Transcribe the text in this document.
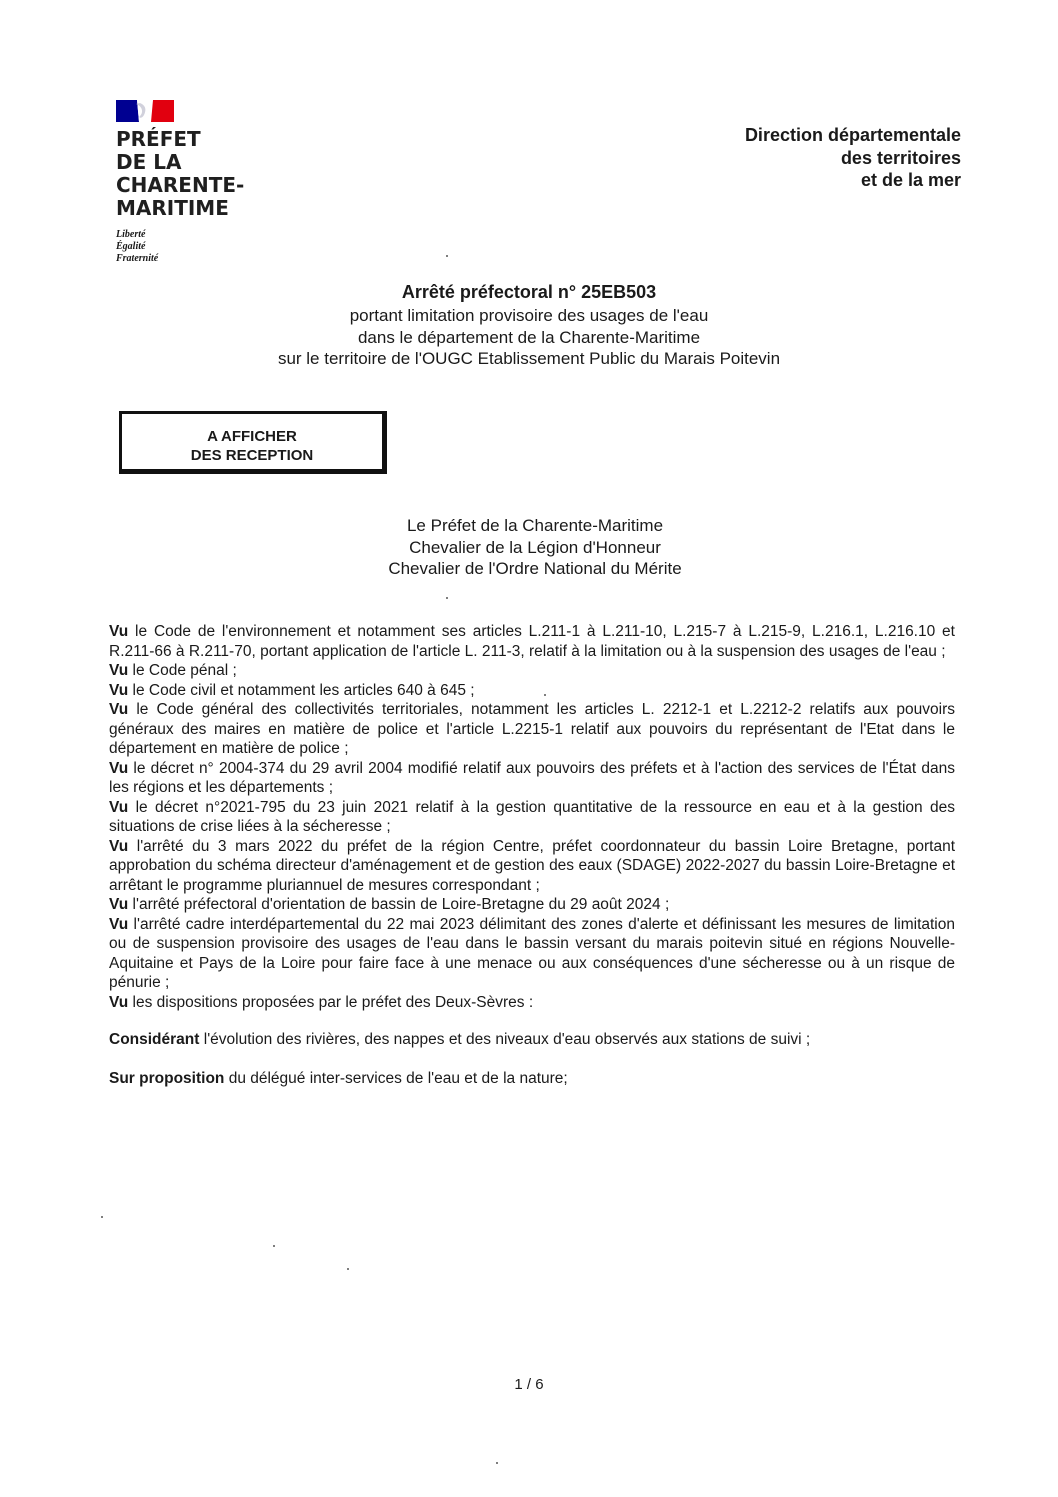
PRÉFET
DE LA
CHARENTE-
MARITIME
Liberté
Égalité
Fraternité
Direction départementale
des territoires
et de la mer
Arrêté préfectoral n° 25EB503
portant limitation provisoire des usages de l'eau
dans le département de la Charente-Maritime
sur le territoire de l'OUGC Etablissement Public du Marais Poitevin
A AFFICHER
DES RECEPTION
Le Préfet de la Charente-Maritime
Chevalier de la Légion d'Honneur
Chevalier de l'Ordre National du Mérite

Vu le Code de l'environnement et notamment ses articles L.211-1 à L.211-10, L.215-7 à L.215-9, L.216.1, L.216.10 et R.211-66 à R.211-70, portant application de l'article L. 211-3, relatif à la limitation ou à la suspension des usages de l'eau ;

Vu le Code pénal ;

Vu le Code civil et notamment les articles 640 à 645 ;

Vu le Code général des collectivités territoriales, notamment les articles L. 2212-1 et L.2212-2 relatifs aux pouvoirs généraux des maires en matière de police et l'article L.2215-1 relatif aux pouvoirs du représentant de l'Etat dans le département en matière de police ;

Vu le décret n° 2004-374 du 29 avril 2004 modifié relatif aux pouvoirs des préfets et à l'action des services de l'État dans les régions et les départements ;

Vu le décret n°2021-795 du 23 juin 2021 relatif à la gestion quantitative de la ressource en eau et à la gestion des situations de crise liées à la sécheresse ;

Vu l'arrêté du 3 mars 2022 du préfet de la région Centre, préfet coordonnateur du bassin Loire Bretagne, portant approbation du schéma directeur d'aménagement et de gestion des eaux (SDAGE) 2022-2027 du bassin Loire-Bretagne et arrêtant le programme pluriannuel de mesures correspondant ;

Vu l'arrêté préfectoral d'orientation de bassin de Loire-Bretagne du 29 août 2024 ;

Vu l'arrêté cadre interdépartemental du 22 mai 2023 délimitant des zones d'alerte et définissant les mesures de limitation ou de suspension provisoire des usages de l'eau dans le bassin versant du marais poitevin situé en régions Nouvelle-Aquitaine et Pays de la Loire pour faire face à une menace ou aux conséquences d'une sécheresse ou à un risque de pénurie ;

Vu les dispositions proposées par le préfet des Deux-Sèvres :

Considérant l'évolution des rivières, des nappes et des niveaux d'eau observés aux stations de suivi ;

Sur proposition du délégué inter-services de l'eau et de la nature;

1 / 6
